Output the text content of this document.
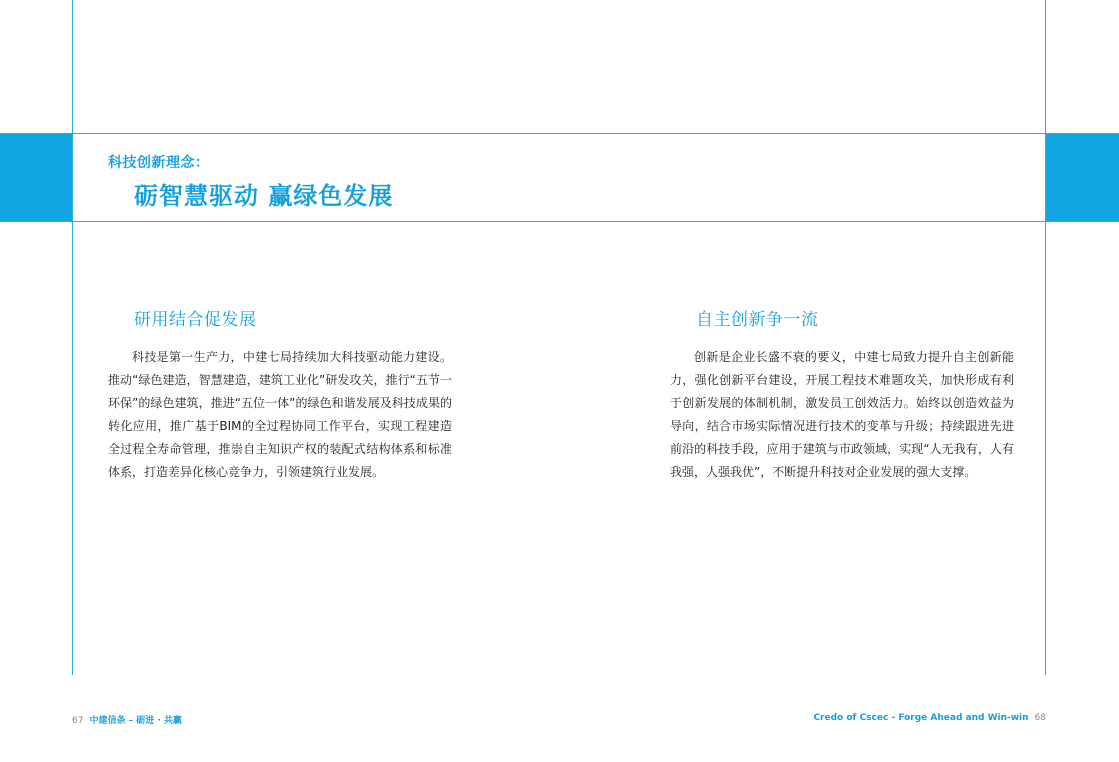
科技创新理念：
砺智慧驱动 赢绿色发展
研用结合促发展

科技是第一生产力，中建七局持续加大科技驱动能力建设。推动“绿色建造，智慧建造，建筑工业化”研发攻关，推行“五节一环保”的绿色建筑，推进“五位一体”的绿色和谐发展及科技成果的转化应用，推广基于BIM的全过程协同工作平台，实现工程建造全过程全寿命管理，推崇自主知识产权的装配式结构体系和标准体系，打造差异化核心竞争力，引领建筑行业发展。

自主创新争一流

创新是企业长盛不衰的要义，中建七局致力提升自主创新能力，强化创新平台建设，开展工程技术难题攻关，加快形成有利于创新发展的体制机制，激发员工创效活力。始终以创造效益为导向，结合市场实际情况进行技术的变革与升级；持续跟进先进前沿的科技手段，应用于建筑与市政领域，实现“人无我有，人有我强，人强我优”，不断提升科技对企业发展的强大支撑。

67 中建信条 – 砺进 · 共赢	Credo of Cscec - Forge Ahead and Win-win 68
